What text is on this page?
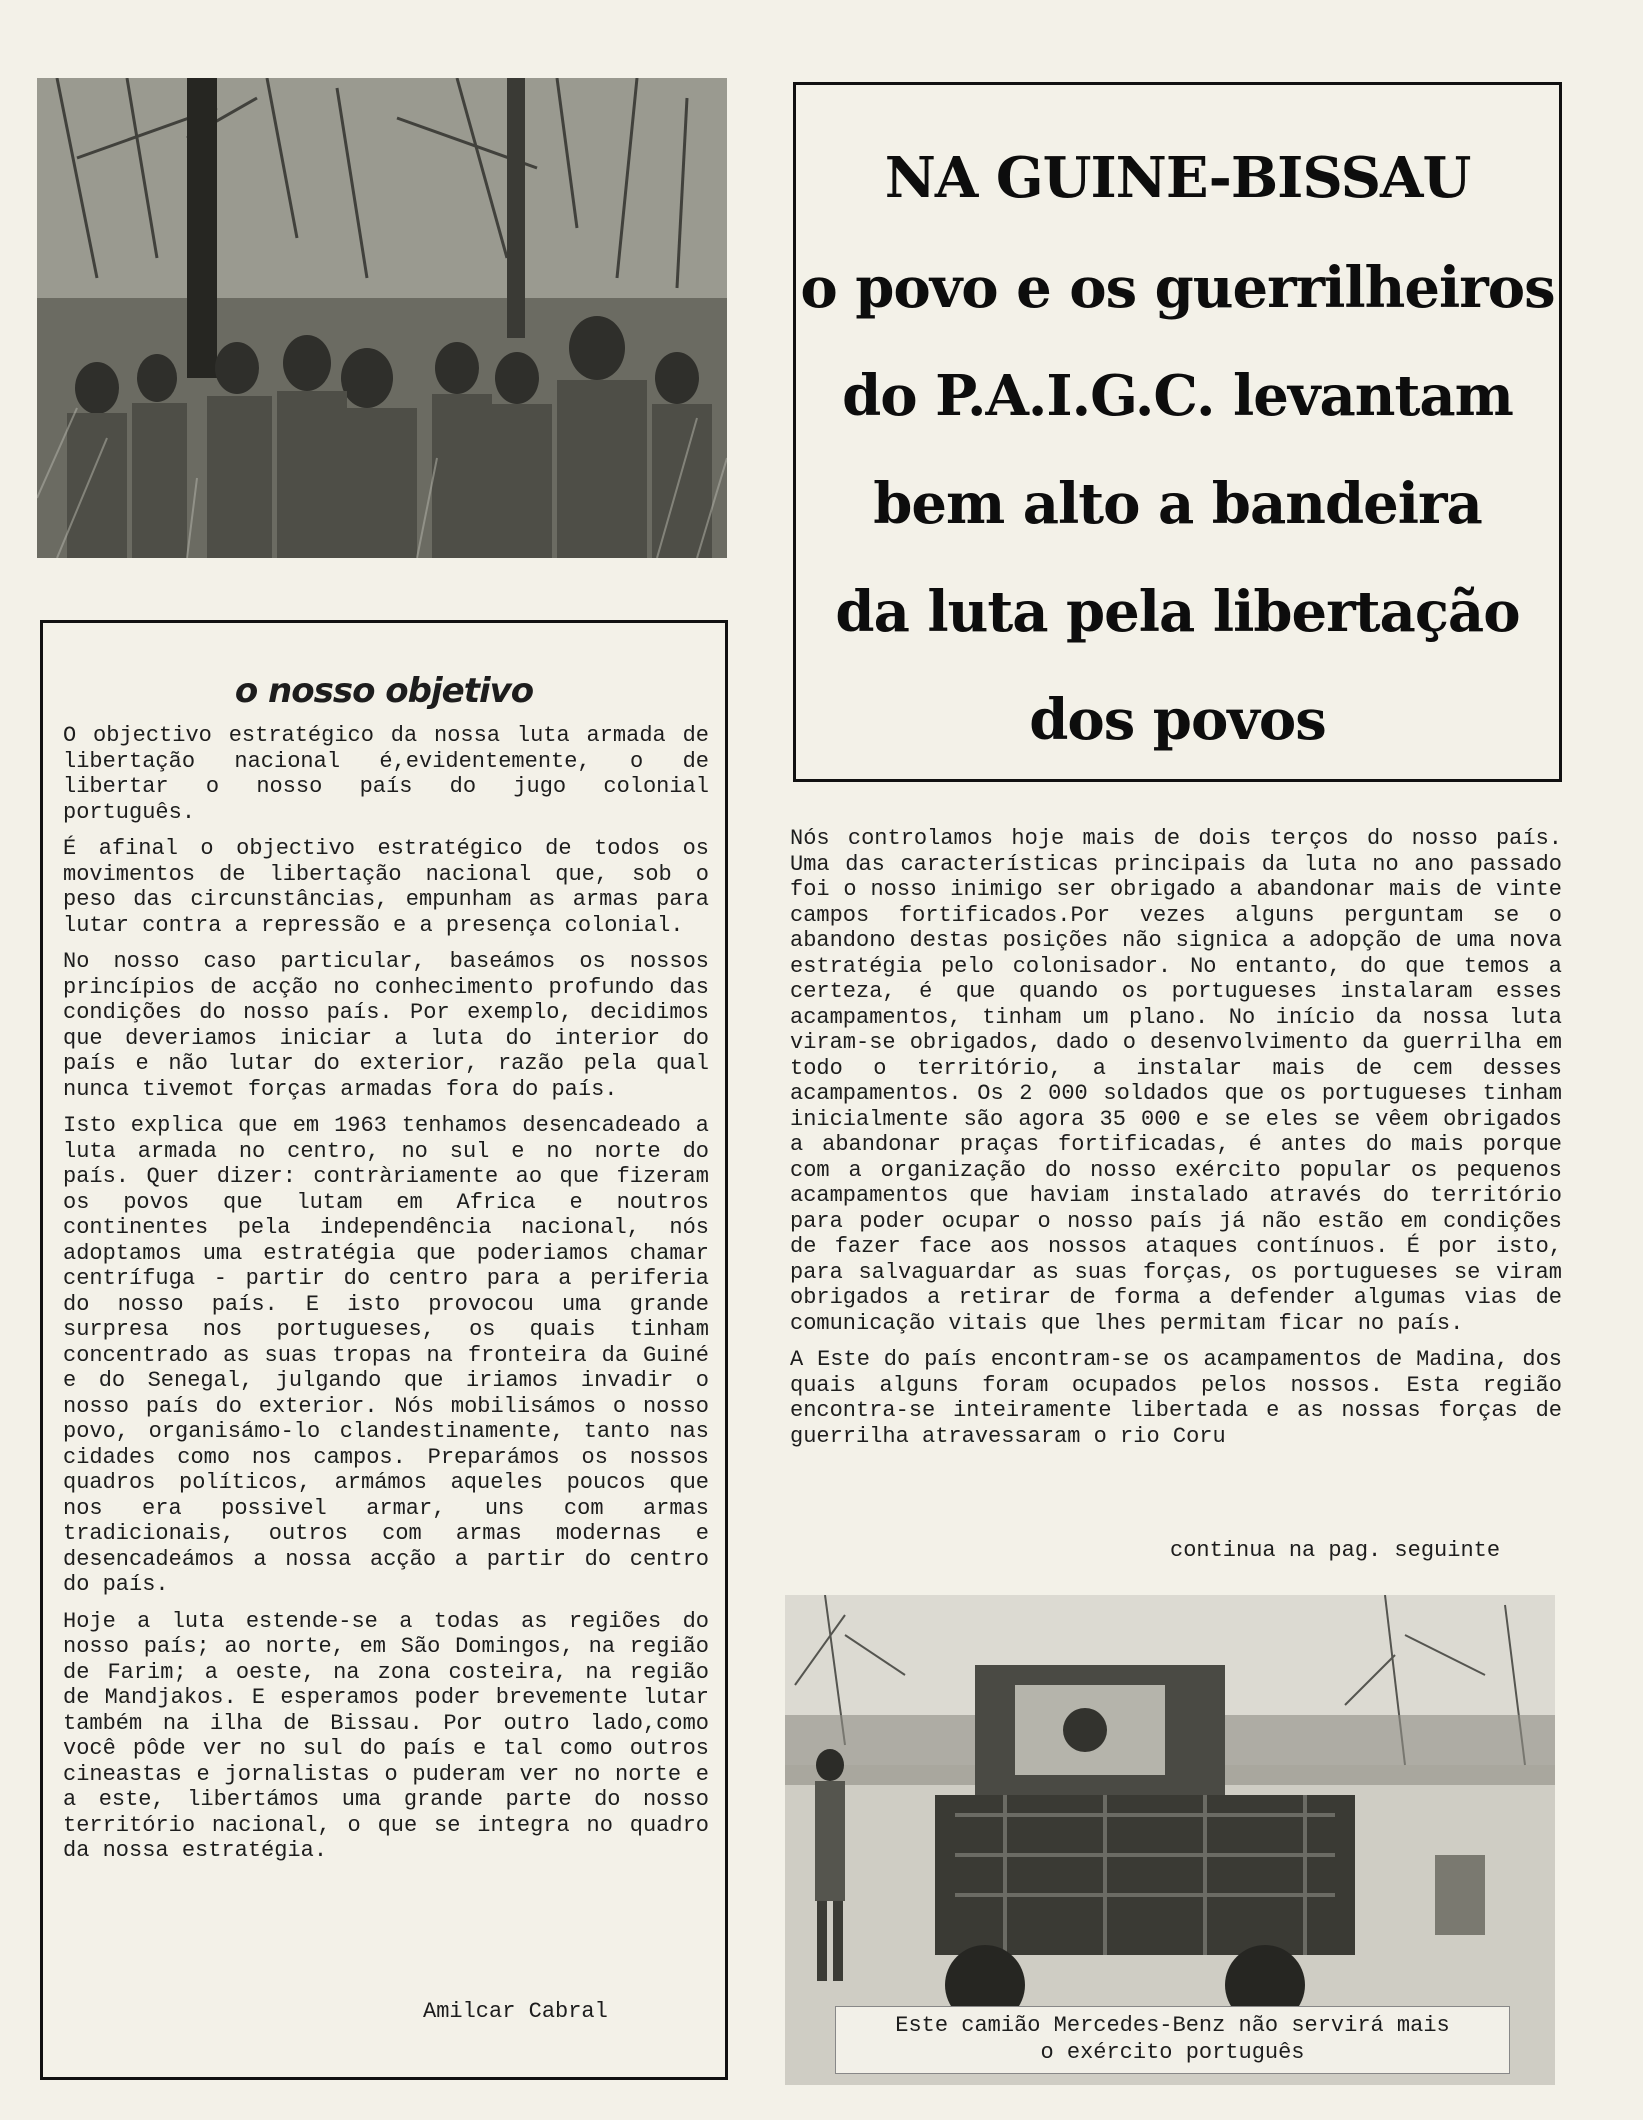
NA GUINE-BISSAU
o povo e os guerrilheiros
do P.A.I.G.C. levantam
bem alto a bandeira
da luta pela libertação
dos povos
o nosso objetivo

O objectivo estratégico da nossa luta armada de libertação nacional é,evidentemente, o de libertar o nosso país do jugo colonial português.

É afinal o objectivo estratégico de todos os movimentos de libertação nacional que, sob o peso das circunstâncias, empunham as armas para lutar contra a repressão e a presença colonial.

No nosso caso particular, baseámos os nossos princípios de acção no conhecimento profundo das condições do nosso país. Por exemplo, decidimos que deveriamos iniciar a luta do interior do país e não lutar do exterior, razão pela qual nunca tivemot forças armadas fora do país.

Isto explica que em 1963 tenhamos desencadeado a luta armada no centro, no sul e no norte do país. Quer dizer: contràriamente ao que fizeram os povos que lutam em Africa e noutros continentes pela independência nacional, nós adoptamos uma estratégia que poderiamos chamar centrífuga - partir do centro para a periferia do nosso país. E isto provocou uma grande surpresa nos portugueses, os quais tinham concentrado as suas tropas na fronteira da Guiné e do Senegal, julgando que iriamos invadir o nosso país do exterior. Nós mobilisámos o nosso povo, organisámo-lo clandestinamente, tanto nas cidades como nos campos. Preparámos os nossos quadros políticos, armámos aqueles poucos que nos era possivel armar, uns com armas tradicionais, outros com armas modernas e desencadeámos a nossa acção a partir do centro do país.

Hoje a luta estende-se a todas as regiões do nosso país; ao norte, em São Domingos, na região de Farim; a oeste, na zona costeira, na região de Mandjakos. E esperamos poder brevemente lutar também na ilha de Bissau. Por outro lado,como você pôde ver no sul do país e tal como outros cineastas e jornalistas o puderam ver no norte e a este, libertámos uma grande parte do nosso território nacional, o que se integra no quadro da nossa estratégia.

Amilcar Cabral

Nós controlamos hoje mais de dois terços do nosso país. Uma das características principais da luta no ano passado foi o nosso inimigo ser obrigado a abandonar mais de vinte campos fortificados.Por vezes alguns perguntam se o abandono destas posições não signica a adopção de uma nova estratégia pelo colonisador. No entanto, do que temos a certeza, é que quando os portugueses instalaram esses acampamentos, tinham um plano. No início da nossa luta viram-se obrigados, dado o desenvolvimento da guerrilha em todo o território, a instalar mais de cem desses acampamentos. Os 2 000 soldados que os portugueses tinham inicialmente são agora 35 000 e se eles se vêem obrigados a abandonar praças fortificadas, é antes do mais porque com a organização do nosso exército popular os pequenos acampamentos que haviam instalado através do território para poder ocupar o nosso país já não estão em condições de fazer face aos nossos ataques contínuos. É por isto, para salvaguardar as suas forças, os portugueses se viram obrigados a retirar de forma a defender algumas vias de comunicação vitais que lhes permitam ficar no país.

A Este do país encontram-se os acampamentos de Madina, dos quais alguns foram ocupados pelos nossos. Esta região encontra-se inteiramente libertada e as nossas forças de guerrilha atravessaram o rio Coru

continua na pag. seguinte
Este camião Mercedes-Benz não servirá mais
o exército português
